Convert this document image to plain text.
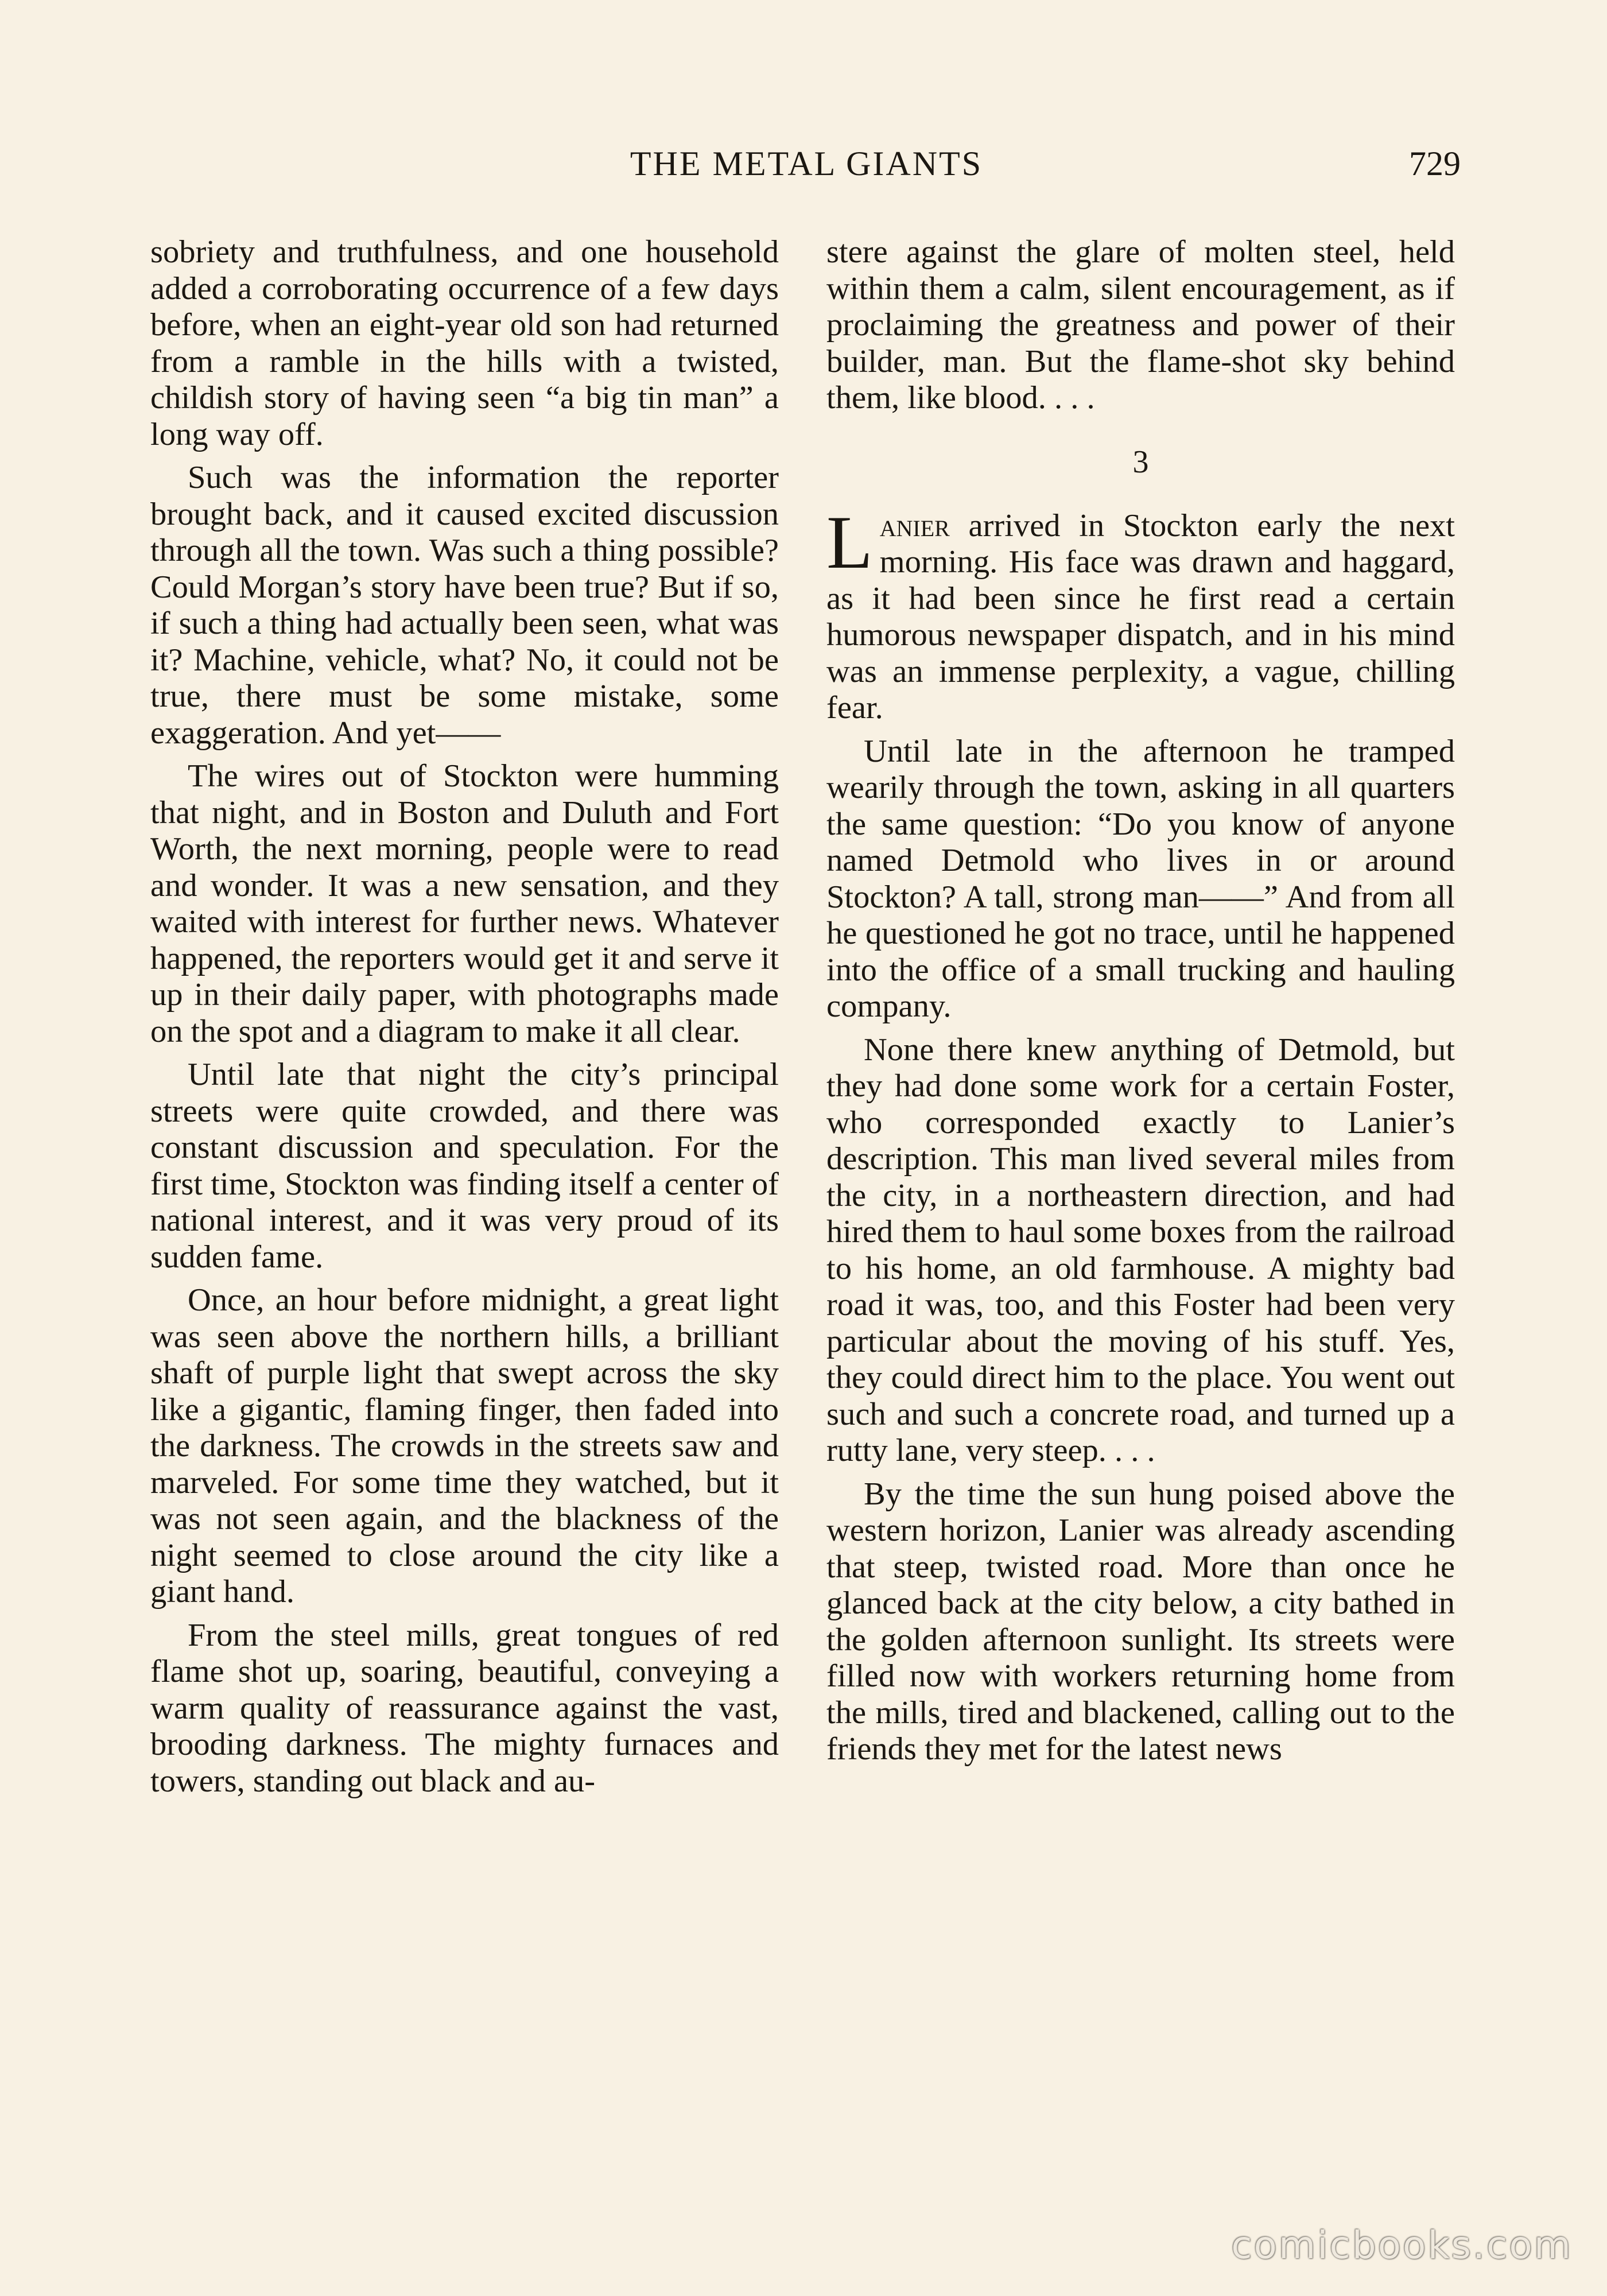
THE METAL GIANTS	729

sobriety and truthfulness, and one household added a corroborating occurrence of a few days before, when an eight-year old son had returned from a ramble in the hills with a twisted, childish story of having seen “a big tin man” a long way off.

Such was the information the reporter brought back, and it caused excited discussion through all the town. Was such a thing possible? Could Morgan’s story have been true? But if so, if such a thing had actually been seen, what was it? Machine, vehicle, what? No, it could not be true, there must be some mistake, some exaggeration. And yet——

The wires out of Stockton were humming that night, and in Boston and Duluth and Fort Worth, the next morning, people were to read and wonder. It was a new sensation, and they waited with interest for further news. Whatever happened, the reporters would get it and serve it up in their daily paper, with photographs made on the spot and a diagram to make it all clear.

Until late that night the city’s principal streets were quite crowded, and there was constant discussion and speculation. For the first time, Stockton was finding itself a center of national interest, and it was very proud of its sudden fame.

Once, an hour before midnight, a great light was seen above the northern hills, a brilliant shaft of purple light that swept across the sky like a gigantic, flaming finger, then faded into the darkness. The crowds in the streets saw and marveled. For some time they watched, but it was not seen again, and the blackness of the night seemed to close around the city like a giant hand.

From the steel mills, great tongues of red flame shot up, soaring, beautiful, conveying a warm quality of reassurance against the vast, brooding darkness. The mighty furnaces and towers, standing out black and au-

stere against the glare of molten steel, held within them a calm, silent encouragement, as if proclaiming the greatness and power of their builder, man. But the flame-shot sky behind them, like blood. . . .

3

Lanier arrived in Stockton early the next morning. His face was drawn and haggard, as it had been since he first read a certain humorous newspaper dispatch, and in his mind was an immense perplexity, a vague, chilling fear.

Until late in the afternoon he tramped wearily through the town, asking in all quarters the same question: “Do you know of anyone named Detmold who lives in or around Stockton? A tall, strong man——” And from all he questioned he got no trace, until he happened into the office of a small trucking and hauling company.

None there knew anything of Detmold, but they had done some work for a certain Foster, who corresponded exactly to Lanier’s description. This man lived several miles from the city, in a northeastern direction, and had hired them to haul some boxes from the railroad to his home, an old farmhouse. A mighty bad road it was, too, and this Foster had been very particular about the moving of his stuff. Yes, they could direct him to the place. You went out such and such a concrete road, and turned up a rutty lane, very steep. . . .

By the time the sun hung poised above the western horizon, Lanier was already ascending that steep, twisted road. More than once he glanced back at the city below, a city bathed in the golden afternoon sunlight. Its streets were filled now with workers returning home from the mills, tired and blackened, calling out to the friends they met for the latest news

comicbooks.com
